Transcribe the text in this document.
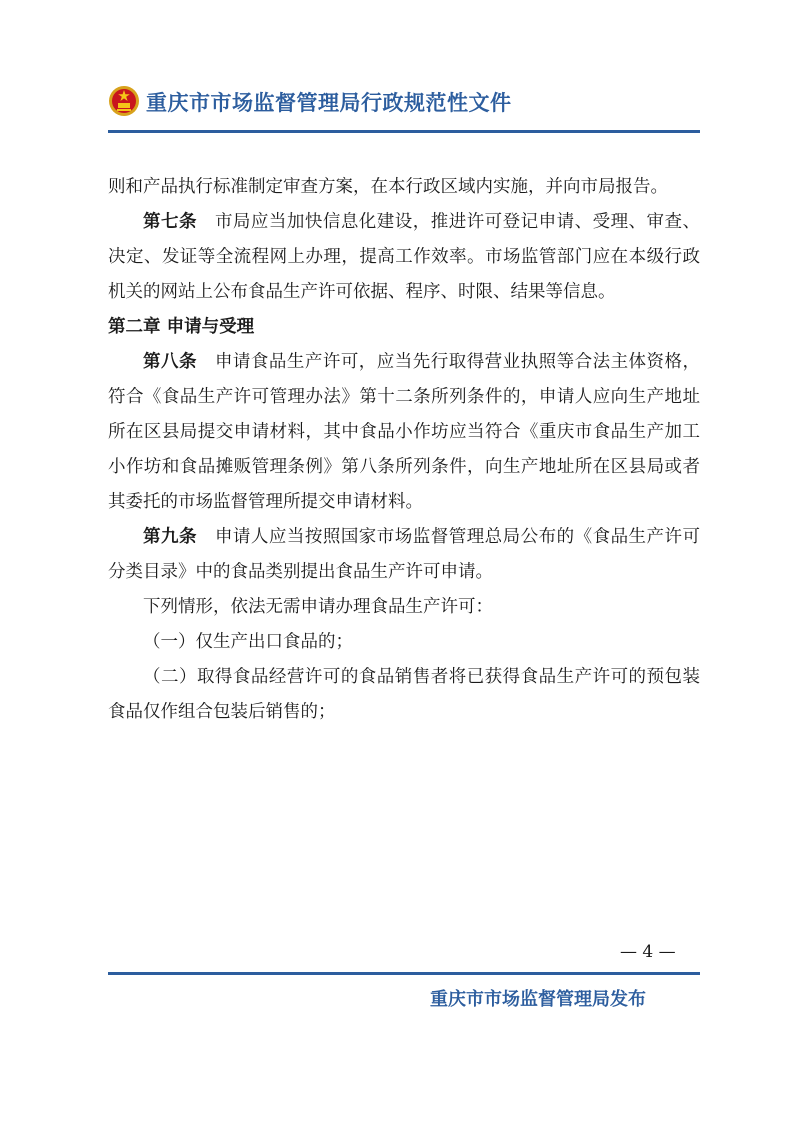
重庆市市场监督管理局行政规范性文件

则和产品执行标准制定审查方案，在本行政区域内实施，并向市局报告。

第七条　 市局应当加快信息化建设，推进许可登记申请、受理、审查、决定、发证等全流程网上办理，提高工作效率。市场监管部门应在本级行政机关的网站上公布食品生产许可依据、程序、时限、结果等信息。

第二章 申请与受理

第八条　 申请食品生产许可，应当先行取得营业执照等合法主体资格，符合《食品生产许可管理办法》第十二条所列条件的，申请人应向生产地址所在区县局提交申请材料，其中食品小作坊应当符合《重庆市食品生产加工小作坊和食品摊贩管理条例》第八条所列条件，向生产地址所在区县局或者其委托的市场监督管理所提交申请材料。

第九条　 申请人应当按照国家市场监督管理总局公布的《食品生产许可分类目录》中的食品类别提出食品生产许可申请。

下列情形，依法无需申请办理食品生产许可：

（一）仅生产出口食品的；

（二）取得食品经营许可的食品销售者将已获得食品生产许可的预包装食品仅作组合包装后销售的；

— 4 —
重庆市市场监督管理局发布
